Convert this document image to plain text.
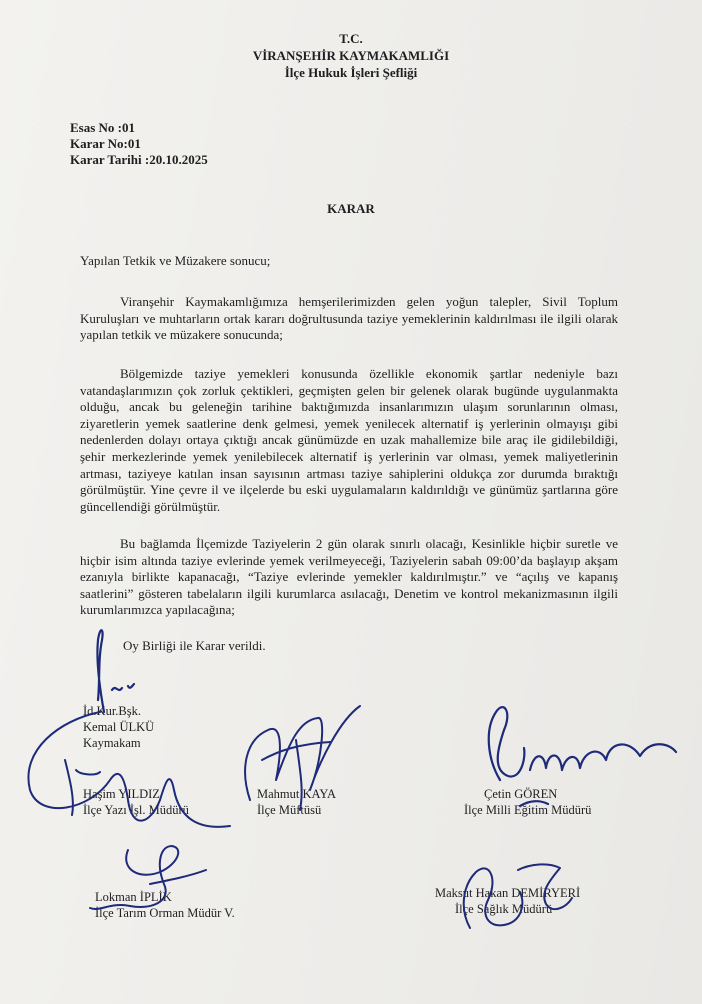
T.C.
VİRANŞEHİR KAYMAKAMLIĞI
İlçe Hukuk İşleri Şefliği
Esas No :01
Karar No:01
Karar Tarihi :20.10.2025
KARAR
Yapılan Tetkik ve Müzakere sonucu;
Viranşehir Kaymakamlığımıza hemşerilerimizden gelen yoğun talepler, Sivil Toplum Kuruluşları ve muhtarların ortak kararı doğrultusunda taziye yemeklerinin kaldırılması ile ilgili olarak yapılan tetkik ve müzakere sonucunda;
Bölgemizde taziye yemekleri konusunda özellikle ekonomik şartlar nedeniyle bazı vatandaşlarımızın çok zorluk çektikleri, geçmişten gelen bir gelenek olarak bugünde uygulanmakta olduğu, ancak bu geleneğin tarihine baktığımızda insanlarımızın ulaşım sorunlarının olması, ziyaretlerin yemek saatlerine denk gelmesi, yemek yenilecek alternatif iş yerlerinin olmayışı gibi nedenlerden dolayı ortaya çıktığı ancak günümüzde en uzak mahallemize bile araç ile gidilebildiği, şehir merkezlerinde yemek yenilebilecek alternatif iş yerlerinin var olması, yemek maliyetlerinin artması, taziyeye katılan insan sayısının artması taziye sahiplerini oldukça zor durumda bıraktığı görülmüştür. Yine çevre il ve ilçelerde bu eski uygulamaların kaldırıldığı ve günümüz şartlarına göre güncellendiği görülmüştür.
Bu bağlamda İlçemizde Taziyelerin 2 gün olarak sınırlı olacağı, Kesinlikle hiçbir suretle ve hiçbir isim altında taziye evlerinde yemek verilmeyeceği, Taziyelerin sabah 09:00’da başlayıp akşam ezanıyla birlikte kapanacağı, “Taziye evlerinde yemekler kaldırılmıştır.” ve “açılış ve kapanış saatlerini” gösteren tabelaların ilgili kurumlarca asılacağı, Denetim ve kontrol mekanizmasının ilgili kurumlarımızca yapılacağına;
Oy Birliği ile Karar verildi.
İd.Kur.Bşk.
Kemal ÜLKÜ
Kaymakam
Haşim YILDIZ
İlçe Yazı İşl. Müdürü
Mahmut KAYA
İlçe Müftüsü
Çetin GÖREN
İlçe Milli Eğitim Müdürü
Lokman İPLİK
İlçe Tarım Orman Müdür V.
Maksut Hakan DEMİRYERİ
İlçe Sağlık Müdürü
